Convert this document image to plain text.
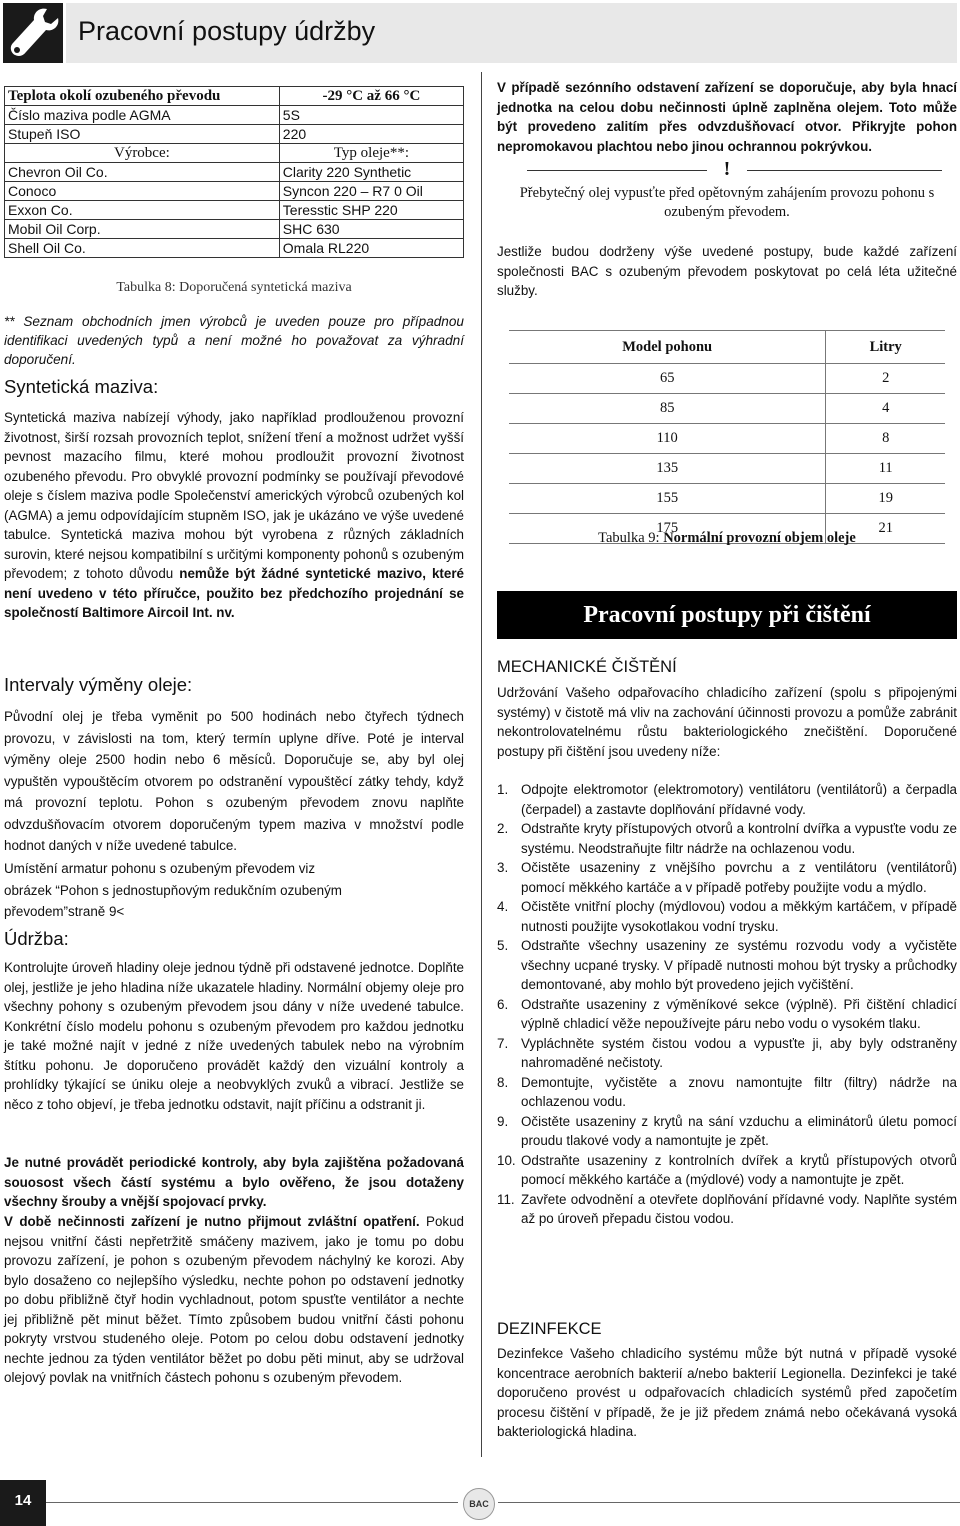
Pracovní postupy údržby
Teplota okolí ozubeného převodu	-29 °C až 66 °C
Číslo maziva podle AGMA	5S
Stupeň ISO	220
Výrobce:	Typ oleje**:
Chevron Oil Co.	Clarity 220 Synthetic
Conoco	Syncon 220 – R7 0 Oil
Exxon Co.	Teresstic SHP 220
Mobil Oil Corp.	SHC 630
Shell Oil Co.	Omala RL220
Tabulka 8: Doporučená syntetická maziva
** Seznam obchodních jmen výrobců je uveden pouze pro případnou identifikaci uvedených typů a není možné ho považovat za výhradní doporučení.
Syntetická maziva:
Syntetická maziva nabízejí výhody, jako například prodlouženou provozní životnost, širší rozsah provozních teplot, snížení tření a možnost udržet vyšší pevnost mazacího filmu, které mohou prodloužit provozní životnost ozubeného převodu. Pro obvyklé provozní podmínky se používají převodové oleje s číslem maziva podle Společenství amerických výrobců ozubených kol (AGMA) a jemu odpovídajícím stupněm ISO, jak je ukázáno ve výše uvedené tabulce. Syntetická maziva mohou být vyrobena z různých základních surovin, které nejsou kompatibilní s určitými komponenty pohonů s ozubeným převodem; z tohoto důvodu nemůže být žádné syntetické mazivo, které není uvedeno v této příručce, použito bez předchozího projednání se společností Baltimore Aircoil Int. nv.
Intervaly výměny oleje:
Původní olej je třeba vyměnit po 500 hodinách nebo čtyřech týdnech provozu, v závislosti na tom, který termín uplyne dříve. Poté je interval výměny oleje 2500 hodin nebo 6 měsíců. Doporučuje se, aby byl olej vypuštěn vypouštěcím otvorem po odstranění vypouštěcí zátky tehdy, když má provozní teplotu. Pohon s ozubeným převodem znovu naplňte odvzdušňovacím otvorem doporučeným typem maziva v množství podle hodnot daných v níže uvedené tabulce.
Umístění armatur pohonu s ozubeným převodem viz obrázek “Pohon s jednostupňovým redukčním ozubeným převodem”straně 9<
Údržba:
Kontrolujte úroveň hladiny oleje jednou týdně při odstavené jednotce. Doplňte olej, jestliže je jeho hladina níže ukazatele hladiny. Normální objemy oleje pro všechny pohony s ozubeným převodem jsou dány v níže uvedené tabulce. Konkrétní číslo modelu pohonu s ozubeným převodem pro každou jednotku je také možné najít v jedné z níže uvedených tabulek nebo na výrobním štítku pohonu. Je doporučeno provádět každý den vizuální kontroly a prohlídky týkající se úniku oleje a neobvyklých zvuků a vibrací. Jestliže se něco z toho objeví, je třeba jednotku odstavit, najít příčinu a odstranit ji.
Je nutné provádět periodické kontroly, aby byla zajištěna požadovaná souosost všech částí systému a bylo ověřeno, že jsou dotaženy všechny šrouby a vnější spojovací prvky.
V době nečinnosti zařízení je nutno přijmout zvláštní opatření. Pokud nejsou vnitřní části nepřetržitě smáčeny mazivem, jako je tomu po dobu provozu zařízení, je pohon s ozubeným převodem náchylný ke korozi. Aby bylo dosaženo co nejlepšího výsledku, nechte pohon po odstavení jednotky po dobu přibližně čtyř hodin vychladnout, potom spusťte ventilátor a nechte jej přibližně pět minut běžet. Tímto způsobem budou vnitřní části pohonu pokryty vrstvou studeného oleje. Potom po celou dobu odstavení jednotky nechte jednou za týden ventilátor běžet po dobu pěti minut, aby se udržoval olejový povlak na vnitřních částech pohonu s ozubeným převodem.
V případě sezónního odstavení zařízení se doporučuje, aby byla hnací jednotka na celou dobu nečinnosti úplně zaplněna olejem. Toto může být provedeno zalitím přes odvzdušňovací otvor. Přikryjte pohon nepromokavou plachtou nebo jinou ochrannou pokrývkou.
!
Přebytečný olej vypusťte před opětovným zahájením provozu pohonu s ozubeným převodem.
Jestliže budou dodrženy výše uvedené postupy, bude každé zařízení společnosti BAC s ozubeným převodem poskytovat po celá léta užitečné služby.
Model pohonu	Litry
65	2
85	4
110	8
135	11
155	19
175	21
Tabulka 9: Normální provozní objem oleje
Pracovní postupy při čištění
MECHANICKÉ ČIŠTĚNÍ
Udržování Vašeho odpařovacího chladicího zařízení (spolu s připojenými systémy) v čistotě má vliv na zachování účinnosti provozu a pomůže zabránit nekontrolovatelnému růstu bakteriologického znečištění. Doporučené postupy při čištění jsou uvedeny níže:
1. Odpojte elektromotor (elektromotory) ventilátoru (ventilátorů) a čerpadla (čerpadel) a zastavte doplňování přídavné vody.
2. Odstraňte kryty přístupových otvorů a kontrolní dvířka a vypusťte vodu ze systému. Neodstraňujte filtr nádrže na ochlazenou vodu.
3. Očistěte usazeniny z vnějšího povrchu a z ventilátoru (ventilátorů) pomocí měkkého kartáče a v případě potřeby použijte vodu a mýdlo.
4. Očistěte vnitřní plochy (mýdlovou) vodou a měkkým kartáčem, v případě nutnosti použijte vysokotlakou vodní trysku.
5. Odstraňte všechny usazeniny ze systému rozvodu vody a vyčistěte všechny ucpané trysky. V případě nutnosti mohou být trysky a průchodky demontované, aby mohlo být provedeno jejich vyčištění.
6. Odstraňte usazeniny z výměníkové sekce (výplně). Při čištění chladicí výplně chladicí věže nepoužívejte páru nebo vodu o vysokém tlaku.
7. Vypláchněte systém čistou vodou a vypusťte ji, aby byly odstraněny nahromaděné nečistoty.
8. Demontujte, vyčistěte a znovu namontujte filtr (filtry) nádrže na ochlazenou vodu.
9. Očistěte usazeniny z krytů na sání vzduchu a eliminátorů úletu pomocí proudu tlakové vody a namontujte je zpět.
10. Odstraňte usazeniny z kontrolních dvířek a krytů přístupových otvorů pomocí měkkého kartáče a (mýdlové) vody a namontujte je zpět.
11. Zavřete odvodnění a otevřete doplňování přídavné vody. Naplňte systém až po úroveň přepadu čistou vodou.
DEZINFEKCE
Dezinfekce Vašeho chladicího systému může být nutná v případě vysoké koncentrace aerobních bakterií a/nebo bakterií Legionella. Dezinfekci je také doporučeno provést u odpařovacích chladicích systémů před započetím procesu čištění v případě, že je již předem známá nebo očekávaná vysoká bakteriologická hladina.
14	BAC
